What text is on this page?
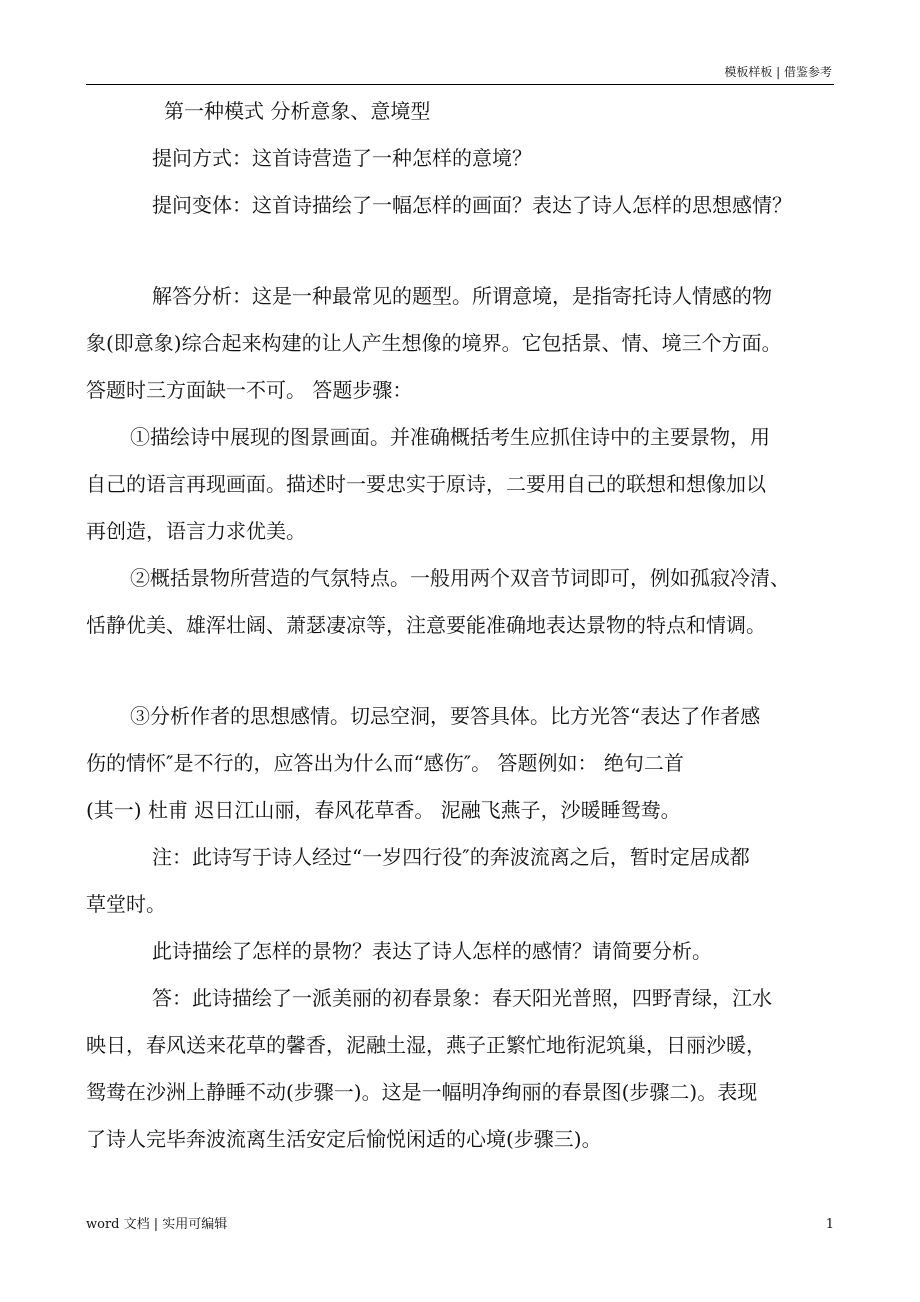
模板样板 | 借鉴参考

第一种模式 分析意象、意境型

提问方式：这首诗营造了一种怎样的意境？

提问变体：这首诗描绘了一幅怎样的画面？表达了诗人怎样的思想感情？

解答分析：这是一种最常见的题型。所谓意境，是指寄托诗人情感的物

象(即意象)综合起来构建的让人产生想像的境界。它包括景、情、境三个方面。

答题时三方面缺一不可。 答题步骤：

①描绘诗中展现的图景画面。并准确概括考生应抓住诗中的主要景物，用

自己的语言再现画面。描述时一要忠实于原诗，二要用自己的联想和想像加以

再创造，语言力求优美。

②概括景物所营造的气氛特点。一般用两个双音节词即可，例如孤寂冷清、

恬静优美、雄浑壮阔、萧瑟凄凉等，注意要能准确地表达景物的特点和情调。

③分析作者的思想感情。切忌空洞，要答具体。比方光答“表达了作者感

伤的情怀″是不行的，应答出为什么而“感伤″。 答题例如： 绝句二首

(其一) 杜甫 迟日江山丽，春风花草香。 泥融飞燕子，沙暖睡鸳鸯。

注：此诗写于诗人经过“一岁四行役″的奔波流离之后，暂时定居成都

草堂时。

此诗描绘了怎样的景物？表达了诗人怎样的感情？请简要分析。

答：此诗描绘了一派美丽的初春景象：春天阳光普照，四野青绿，江水

映日，春风送来花草的馨香，泥融土湿，燕子正繁忙地衔泥筑巢，日丽沙暖，

鸳鸯在沙洲上静睡不动(步骤一)。这是一幅明净绚丽的春景图(步骤二)。表现

了诗人完毕奔波流离生活安定后愉悦闲适的心境(步骤三)。

word 文档 | 实用可编辑	1
